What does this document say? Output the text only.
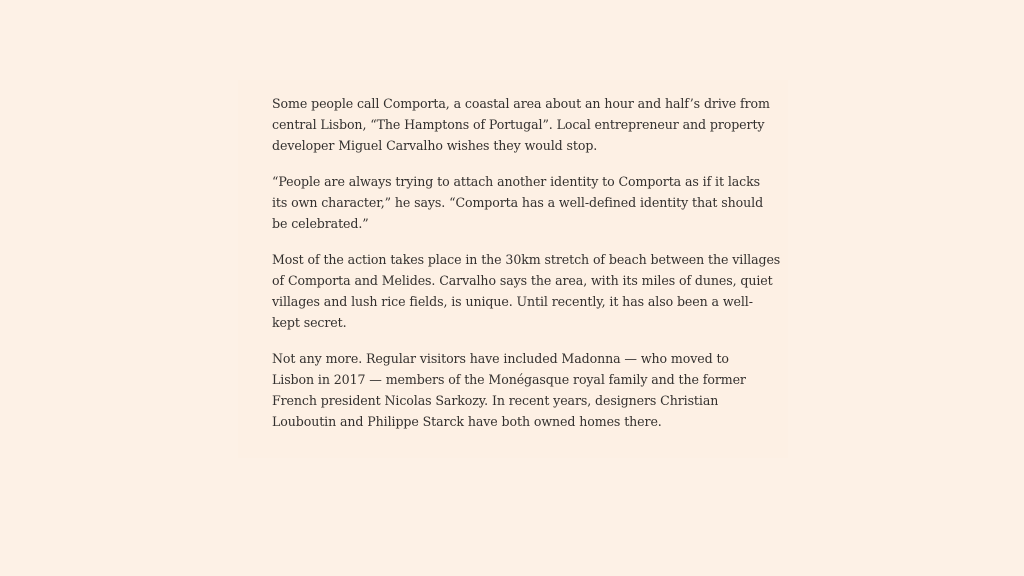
Some people call Comporta, a coastal area about an hour and half’s drive from
central Lisbon, “The Hamptons of Portugal”. Local entrepreneur and property
developer Miguel Carvalho wishes they would stop.

“People are always trying to attach another identity to Comporta as if it lacks
its own character,” he says. “Comporta has a well-defined identity that should
be celebrated.”

Most of the action takes place in the 30km stretch of beach between the villages
of Comporta and Melides. Carvalho says the area, with its miles of dunes, quiet
villages and lush rice fields, is unique. Until recently, it has also been a well-
kept secret.

Not any more. Regular visitors have included Madonna — who moved to
Lisbon in 2017 — members of the Monégasque royal family and the former
French president Nicolas Sarkozy. In recent years, designers Christian
Louboutin and Philippe Starck have both owned homes there.
